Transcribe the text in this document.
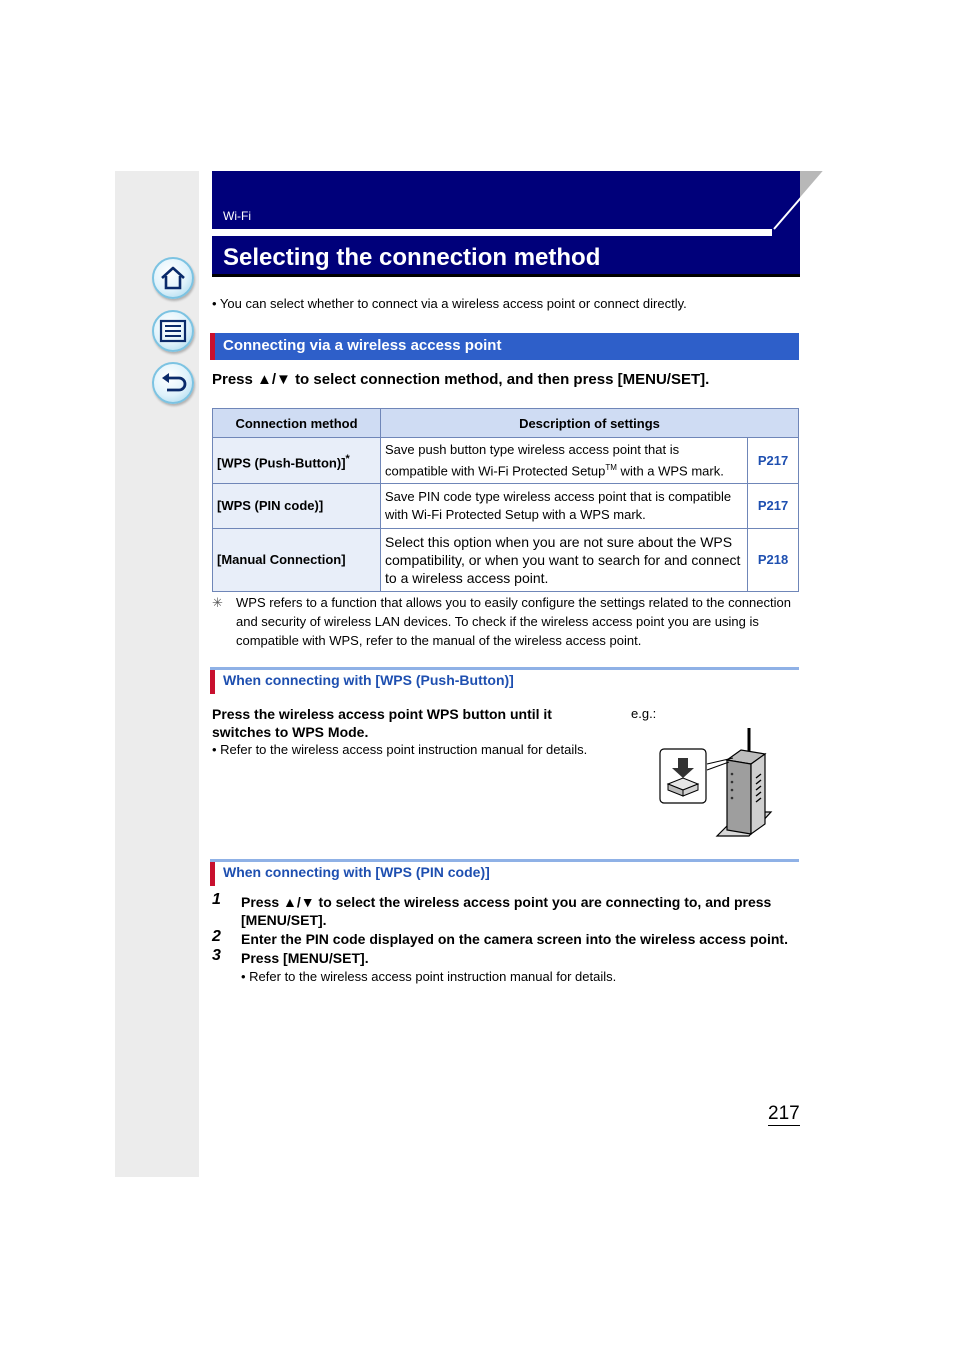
Wi-Fi
Selecting the connection method
• You can select whether to connect via a wireless access point or connect directly.
Connecting via a wireless access point
Press ▲/▼ to select connection method, and then press [MENU/SET].
Connection method	Description of settings	
[WPS (Push-Button)]*	Save push button type wireless access point that is compatible with Wi-Fi Protected Setup™ with a WPS mark.	P217
[WPS (PIN code)]	Save PIN code type wireless access point that is compatible with Wi-Fi Protected Setup with a WPS mark.	P217
[Manual Connection]	Select this option when you are not sure about the WPS compatibility, or when you want to search for and connect to a wireless access point.	P218
✳ WPS refers to a function that allows you to easily configure the settings related to the connection and security of wireless LAN devices. To check if the wireless access point you are using is compatible with WPS, refer to the manual of the wireless access point.
When connecting with [WPS (Push-Button)]
Press the wireless access point WPS button until it switches to WPS Mode.
• Refer to the wireless access point instruction manual for details.
e.g.:
When connecting with [WPS (PIN code)]
1 Press ▲/▼ to select the wireless access point you are connecting to, and press [MENU/SET].
2 Enter the PIN code displayed on the camera screen into the wireless access point.
3 Press [MENU/SET].
• Refer to the wireless access point instruction manual for details.
217
